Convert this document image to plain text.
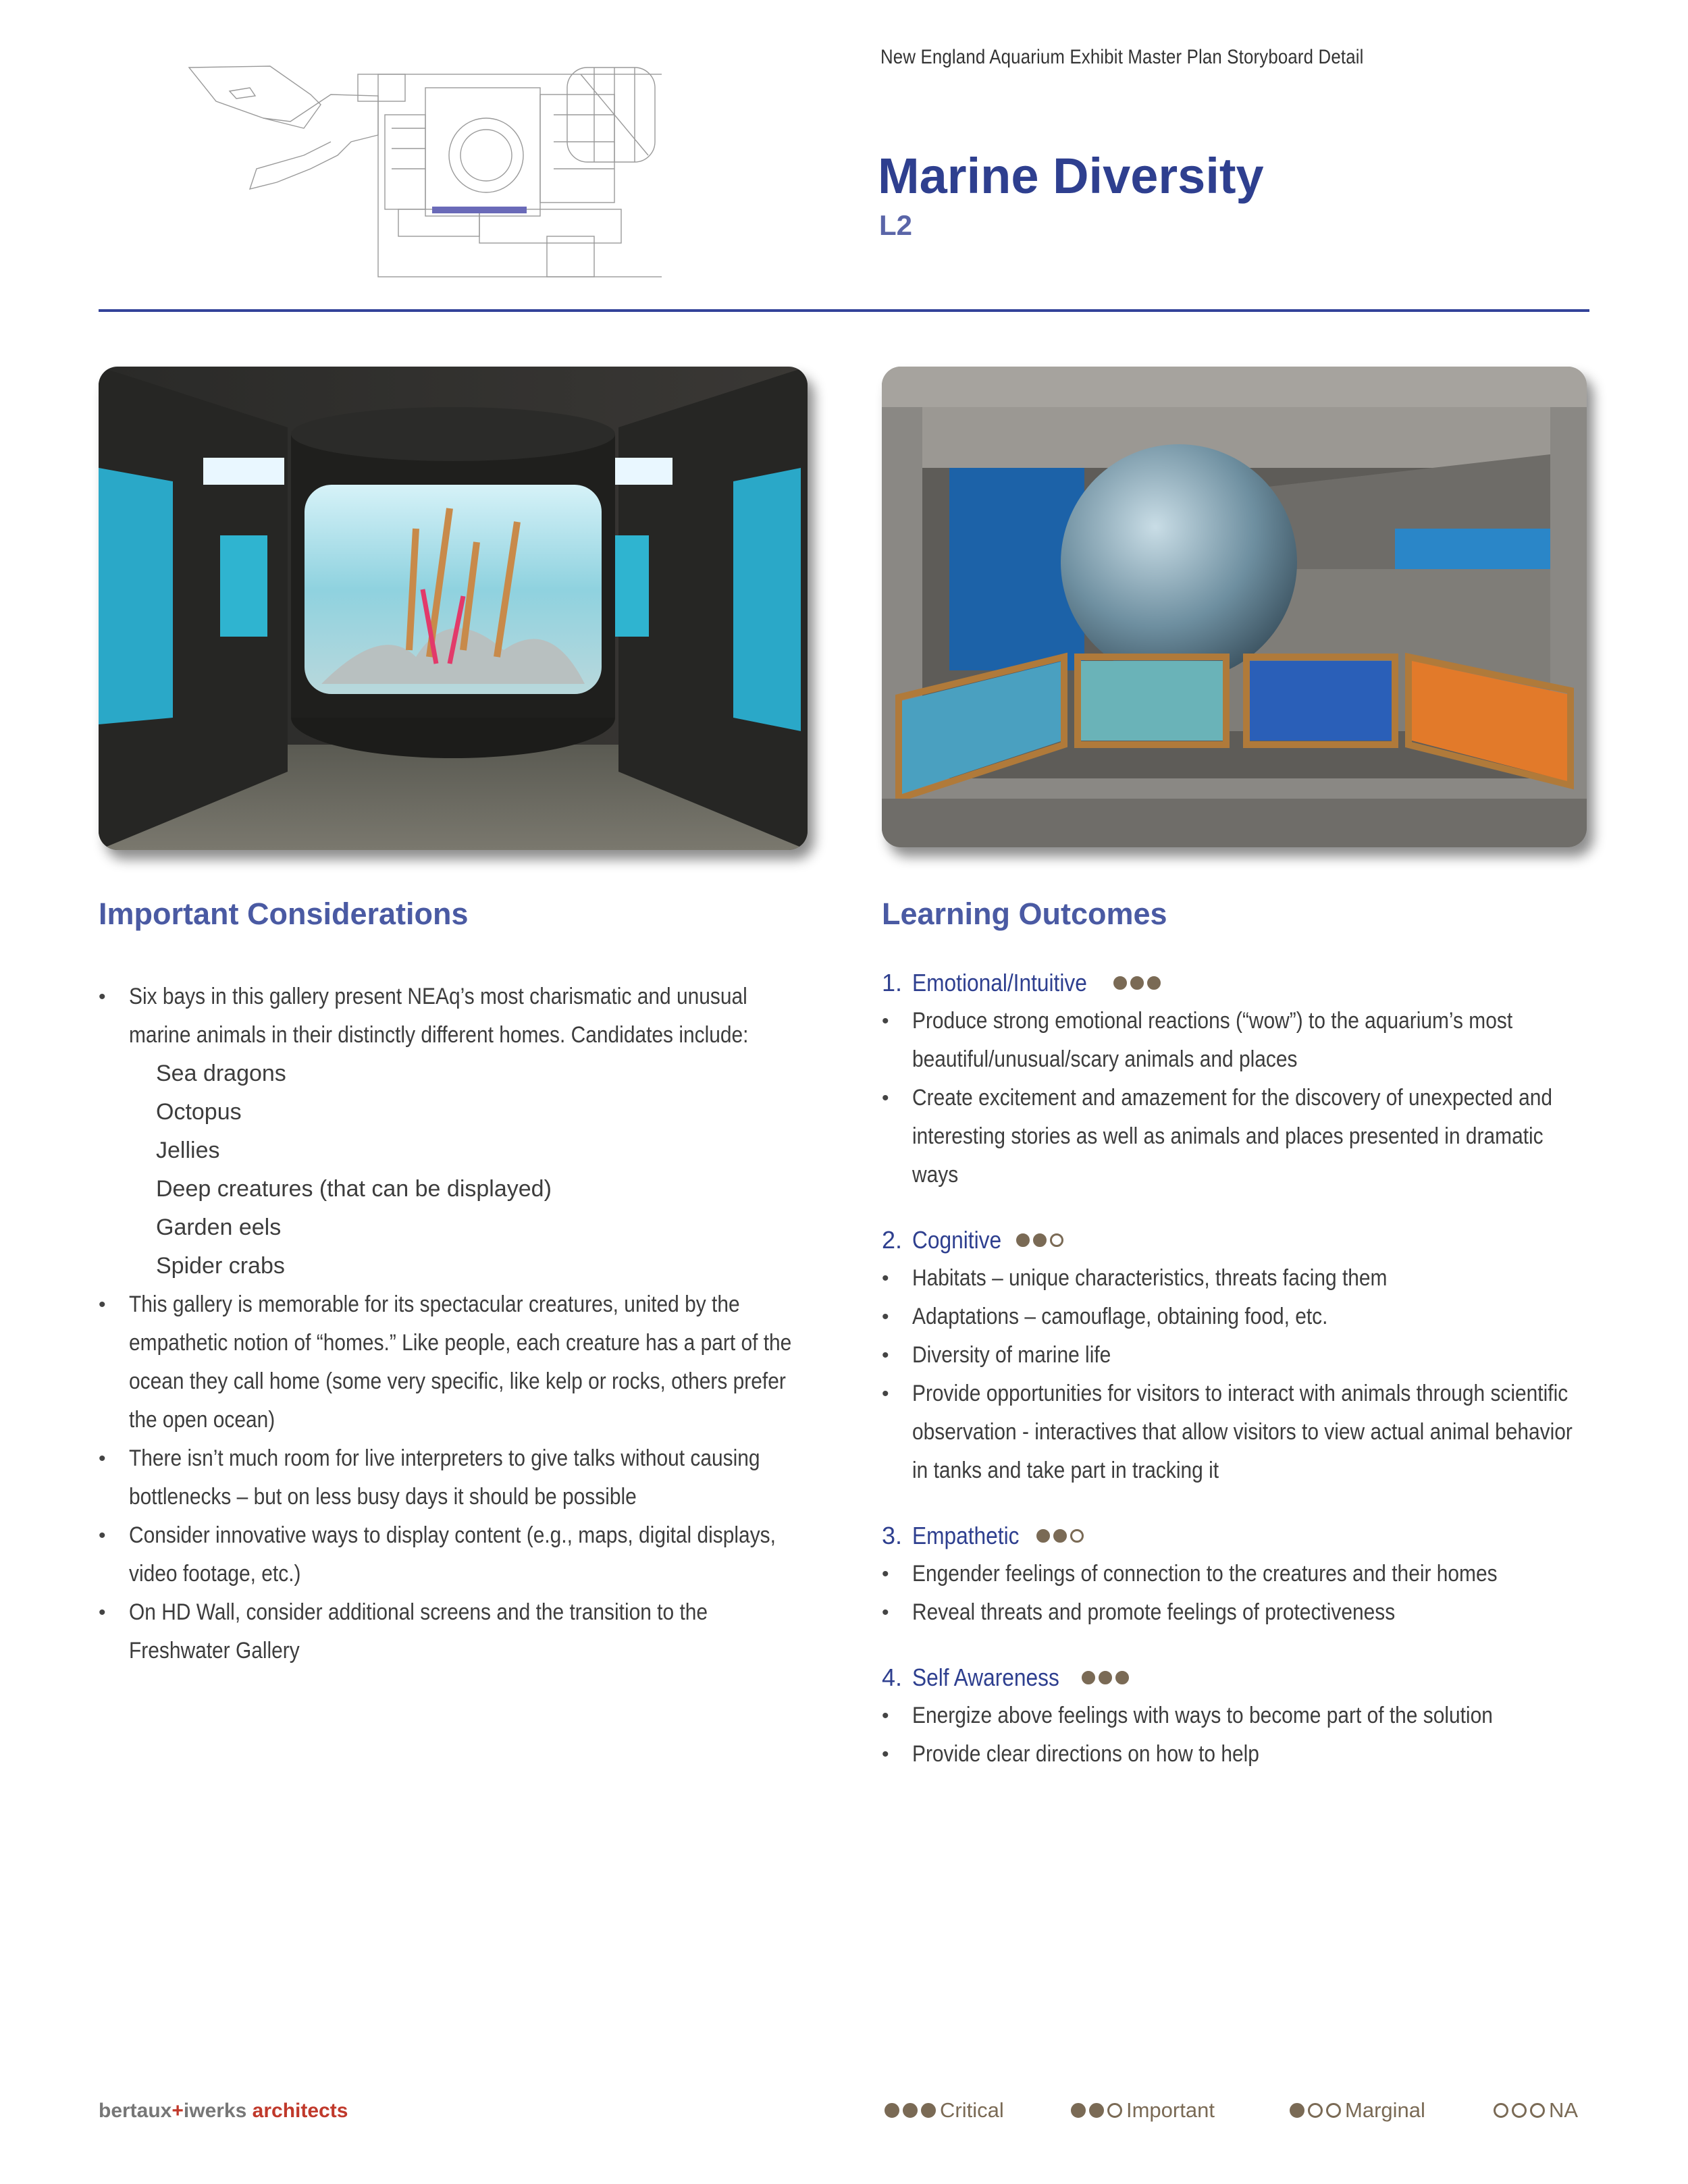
New England Aquarium Exhibit Master Plan Storyboard Detail
Marine Diversity
L2
Important Considerations
• Six bays in this gallery present NEAq’s most charismatic and unusual marine animals in their distinctly different homes. Candidates include:
Sea dragons
Octopus
Jellies
Deep creatures (that can be displayed)
Garden eels
Spider crabs
• This gallery is memorable for its spectacular creatures, united by the empathetic notion of “homes.” Like people, each creature has a part of the ocean they call home (some very specific, like kelp or rocks, others prefer the open ocean)
• There isn’t much room for live interpreters to give talks without causing bottlenecks – but on less busy days it should be possible
• Consider innovative ways to display content (e.g., maps, digital displays, video footage, etc.)
• On HD Wall, consider additional screens and the transition to the Freshwater Gallery
Learning Outcomes
1. Emotional/Intuitive
• Produce strong emotional reactions (“wow”) to the aquarium’s most beautiful/unusual/scary animals and places
• Create excitement and amazement for the discovery of unexpected and interesting stories as well as animals and places presented in dramatic ways
2. Cognitive
• Habitats – unique characteristics, threats facing them
• Adaptations – camouflage, obtaining food, etc.
• Diversity of marine life
• Provide opportunities for visitors to interact with animals through scientific observation - interactives that allow visitors to view actual animal behavior in tanks and take part in tracking it
3. Empathetic
• Engender feelings of connection to the creatures and their homes
• Reveal threats and promote feelings of protectiveness
4. Self Awareness
• Energize above feelings with ways to become part of the solution
• Provide clear directions on how to help
bertaux+iwerks architects	Critical	Important	Marginal	NA
